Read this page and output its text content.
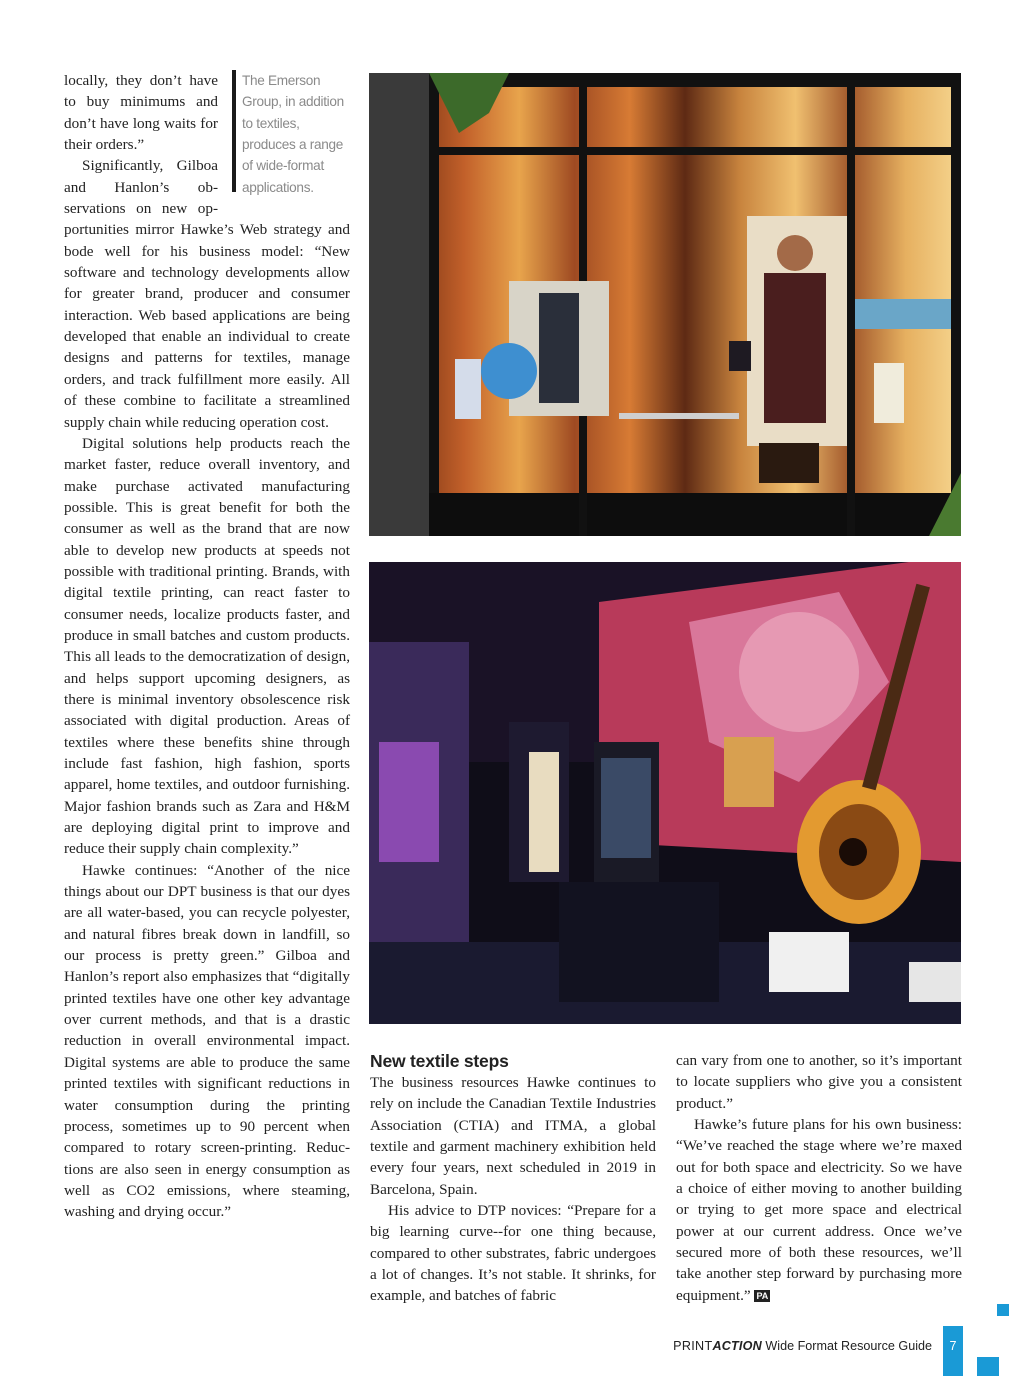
locally, they don’t have to buy minimums and don’t have long waits for their orders.”

Significantly, Gilboa and Hanlon’s observations on new opportunities mirror Hawke’s Web strategy and bode well for his business model: “New software and technology developments allow for greater brand, producer and consumer interaction. Web based applications are being developed that enable an individual to create designs and patterns for textiles, manage orders, and track fulfillment more easily. All of these combine to facilitate a streamlined supply chain while reducing operation cost.

Digital solutions help products reach the market faster, reduce overall inventory, and make purchase activated manufacturing possible. This is great benefit for both the consumer as well as the brand that are now able to develop new products at speeds not possible with traditional printing. Brands, with digital textile printing, can react faster to consumer needs, localize products faster, and produce in small batches and custom products. This all leads to the democratization of design, and helps support upcoming designers, as there is minimal inventory obsolescence risk associated with digital production. Areas of textiles where these benefits shine through include fast fashion, high fashion, sports apparel, home textiles, and outdoor furnishing. Major fashion brands such as Zara and H&M are deploying digital print to improve and reduce their supply chain complexity.”

Hawke continues: “Another of the nice things about our DPT business is that our dyes are all water-based, you can recycle polyester, and natural fibres break down in landfill, so our process is pretty green.” Gilboa and Hanlon’s report also emphasizes that “digitally printed textiles have one other key advantage over current methods, and that is a drastic reduction in overall environmental impact. Digital systems are able to produce the same printed textiles with significant reductions in water consumption during the printing process, sometimes up to 90 percent when compared to rotary screen-printing. Reductions are also seen in energy consumption as well as CO2 emissions, where steaming, washing and drying occur.”

The Emerson Group, in addition to textiles, produces a range of wide-format applications.
New textile steps

The business resources Hawke continues to rely on include the Canadian Textile Industries Association (CTIA) and ITMA, a global textile and garment machinery exhibition held every four years, next scheduled in 2019 in Barcelona, Spain.

His advice to DTP novices: “Prepare for a big learning curve--for one thing because, compared to other substrates, fabric undergoes a lot of changes. It’s not stable. It shrinks, for example, and batches of fabric

can vary from one to another, so it’s important to locate suppliers who give you a consistent product.”

Hawke’s future plans for his own business: “We’ve reached the stage where we’re maxed out for both space and electricity. So we have a choice of either moving to another building or trying to get more space and electrical power at our current address. Once we’ve secured more of both these resources, we’ll take another step forward by purchasing more equipment.” PA

PRINTACTION Wide Format Resource Guide	7
